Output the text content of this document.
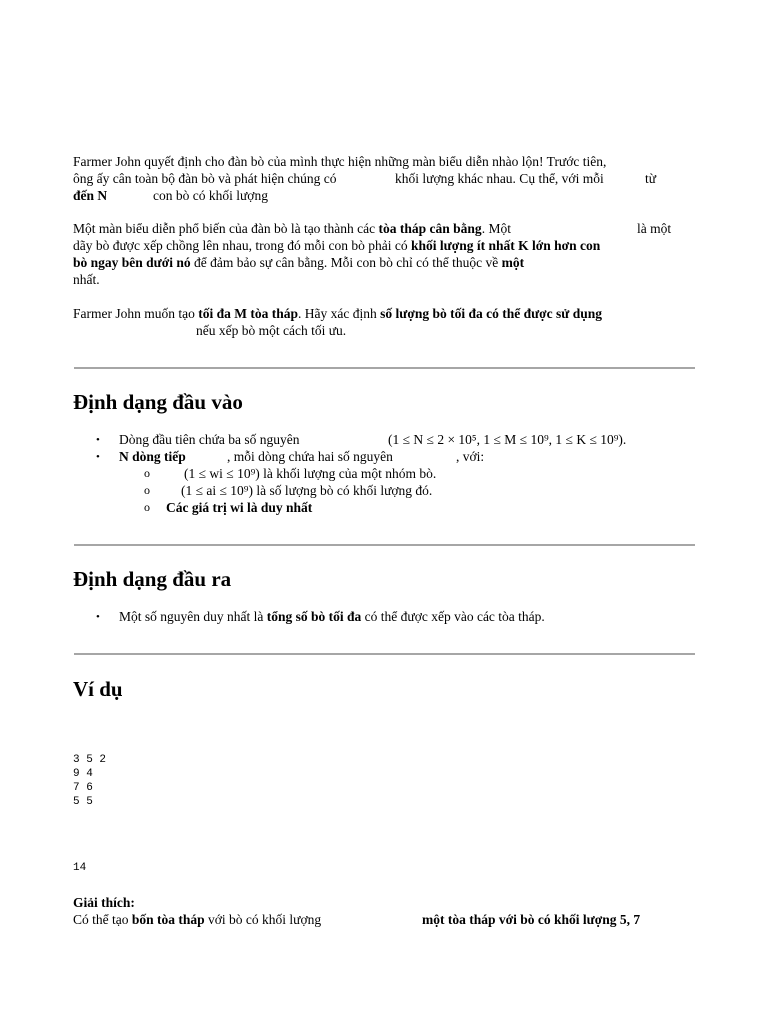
Farmer John quyết định cho đàn bò của mình thực hiện những màn biểu diễn nhào lộn! Trước tiên,
ông ấy cân toàn bộ đàn bò và phát hiện chúng có	khối lượng khác nhau. Cụ thể, với mỗi	từ
đến N	con bò có khối lượng
Một màn biểu diễn phổ biến của đàn bò là tạo thành các tòa tháp cân bằng. Một	là một
dãy bò được xếp chồng lên nhau, trong đó mỗi con bò phải có khối lượng ít nhất K lớn hơn con
bò ngay bên dưới nó để đảm bảo sự cân bằng. Mỗi con bò chỉ có thể thuộc về một
nhất.
Farmer John muốn tạo tối đa M tòa tháp. Hãy xác định số lượng bò tối đa có thể được sử dụng
nếu xếp bò một cách tối ưu.
Định dạng đầu vào
• Dòng đầu tiên chứa ba số nguyên	(1 ≤ N ≤ 2 × 10⁵, 1 ≤ M ≤ 10⁹, 1 ≤ K ≤ 10⁹).
• N dòng tiếp	, mỗi dòng chứa hai số nguyên	, với:
o	(1 ≤ wi ≤ 10⁹) là khối lượng của một nhóm bò.
o (1 ≤ ai ≤ 10⁹) là số lượng bò có khối lượng đó.
o Các giá trị wi là duy nhất
Định dạng đầu ra
• Một số nguyên duy nhất là tổng số bò tối đa có thể được xếp vào các tòa tháp.
Ví dụ
3 5 2
9 4
7 6
5 5
14
Giải thích:
Có thể tạo bốn tòa tháp với bò có khối lượng	một tòa tháp với bò có khối lượng 5, 7
